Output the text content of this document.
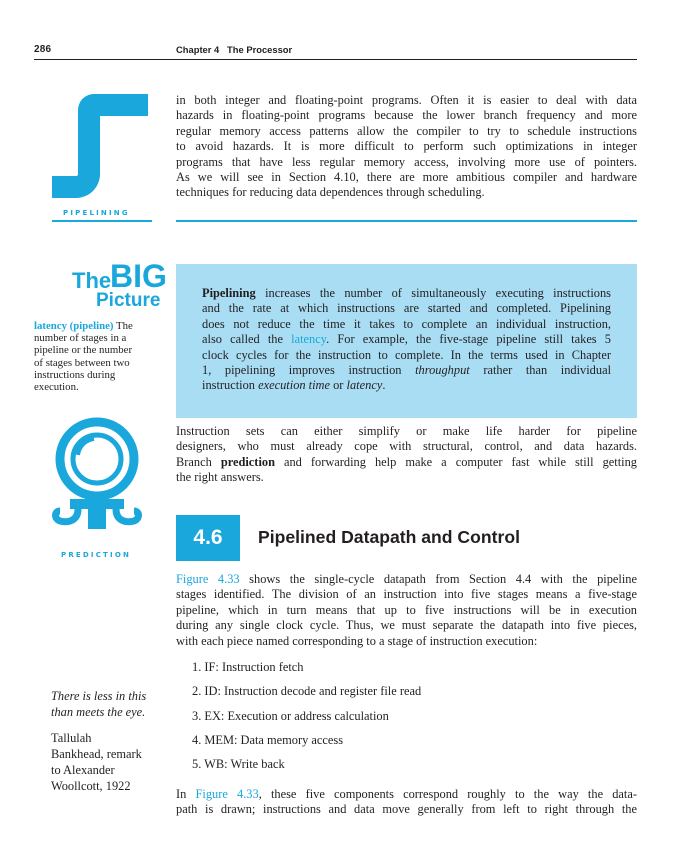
286	Chapter 4   The Processor
PIPELINING
in both integer and floating-point programs. Often it is easier to deal with data
hazards in floating-point programs because the lower branch frequency and more
regular memory access patterns allow the compiler to try to schedule instructions
to avoid hazards. It is more difficult to perform such optimizations in integer
programs that have less regular memory access, involving more use of pointers.
As we will see in Section 4.10, there are more ambitious compiler and hardware
techniques for reducing data dependences through scheduling.
The
BIG
Picture
latency (pipeline) The
number of stages in a
pipeline or the number
of stages between two
instructions during
execution.
Pipelining increases the number of simultaneously executing instructions
and the rate at which instructions are started and completed. Pipelining
does not reduce the time it takes to complete an individual instruction,
also called the latency. For example, the five-stage pipeline still takes 5
clock cycles for the instruction to complete. In the terms used in Chapter
1, pipelining improves instruction throughput rather than individual
instruction execution time or latency.
PREDICTION
Instruction sets can either simplify or make life harder for pipeline
designers, who must already cope with structural, control, and data hazards.
Branch prediction and forwarding help make a computer fast while still getting
the right answers.
4.6	Pipelined Datapath and Control
Figure 4.33 shows the single-cycle datapath from Section 4.4 with the pipeline
stages identified. The division of an instruction into five stages means a five-stage
pipeline, which in turn means that up to five instructions will be in execution
during any single clock cycle. Thus, we must separate the datapath into five pieces,
with each piece named corresponding to a stage of instruction execution:
1. IF: Instruction fetch
2. ID: Instruction decode and register file read
3. EX: Execution or address calculation
4. MEM: Data memory access
5. WB: Write back
There is less in this
than meets the eye.
Tallulah
Bankhead, remark
to Alexander
Woollcott, 1922
In Figure 4.33, these five components correspond roughly to the way the data-
path is drawn; instructions and data move generally from left to right through the
